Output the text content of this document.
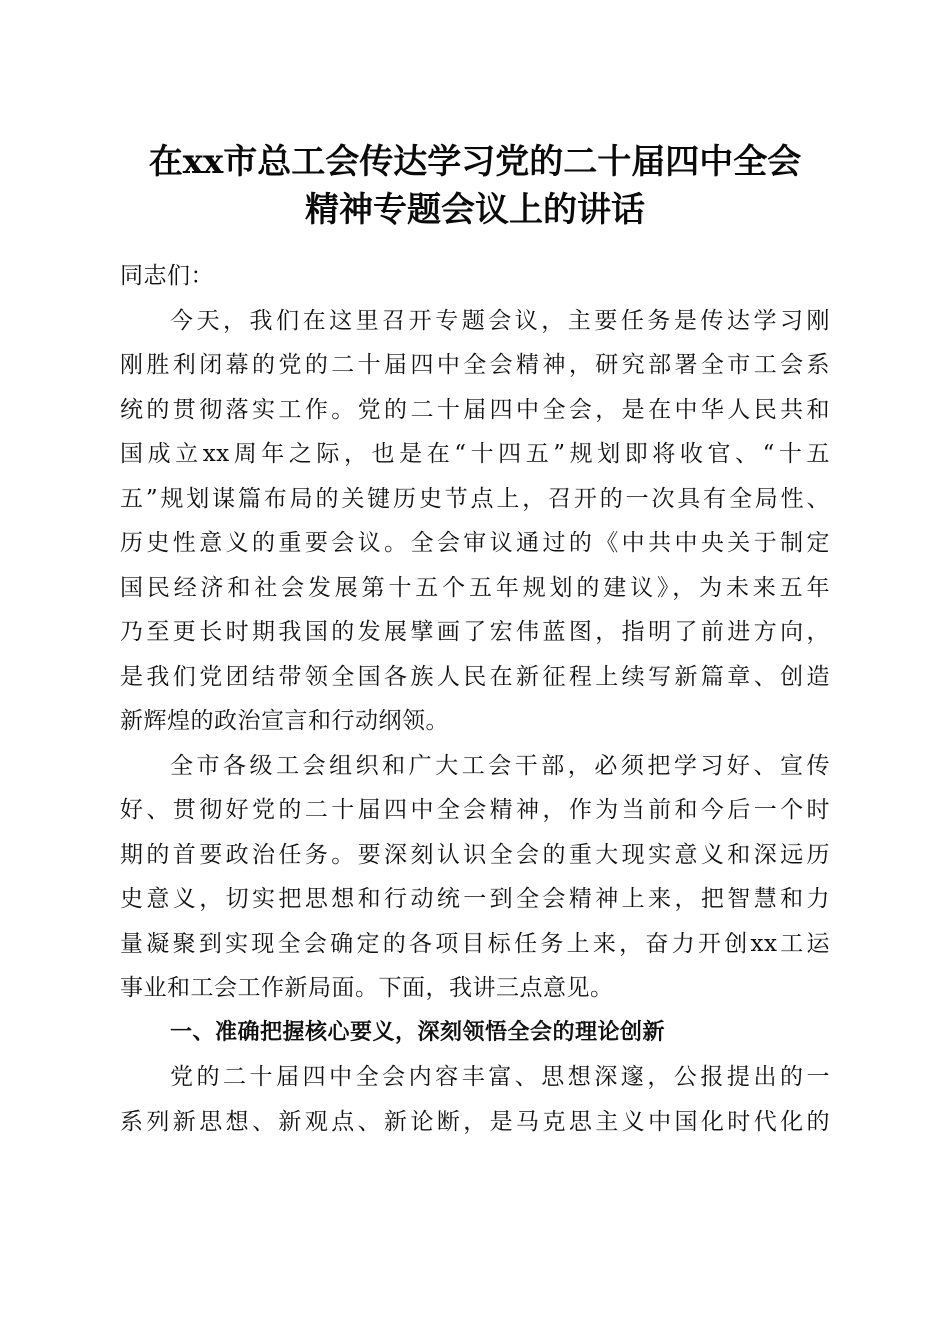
在xx市总工会传达学习党的二十届四中全会
精神专题会议上的讲话
同志们：
今天，我们在这里召开专题会议，主要任务是传达学习刚
刚胜利闭幕的党的二十届四中全会精神，研究部署全市工会系
统的贯彻落实工作。党的二十届四中全会，是在中华人民共和
国成立xx周年之际，也是在“十四五”规划即将收官、“十五
五”规划谋篇布局的关键历史节点上，召开的一次具有全局性、
历史性意义的重要会议。全会审议通过的《中共中央关于制定
国民经济和社会发展第十五个五年规划的建议》，为未来五年
乃至更长时期我国的发展擘画了宏伟蓝图，指明了前进方向，
是我们党团结带领全国各族人民在新征程上续写新篇章、创造
新辉煌的政治宣言和行动纲领。
全市各级工会组织和广大工会干部，必须把学习好、宣传
好、贯彻好党的二十届四中全会精神，作为当前和今后一个时
期的首要政治任务。要深刻认识全会的重大现实意义和深远历
史意义，切实把思想和行动统一到全会精神上来，把智慧和力
量凝聚到实现全会确定的各项目标任务上来，奋力开创xx工运
事业和工会工作新局面。下面，我讲三点意见。
一、准确把握核心要义，深刻领悟全会的理论创新
党的二十届四中全会内容丰富、思想深邃，公报提出的一
系列新思想、新观点、新论断，是马克思主义中国化时代化的
